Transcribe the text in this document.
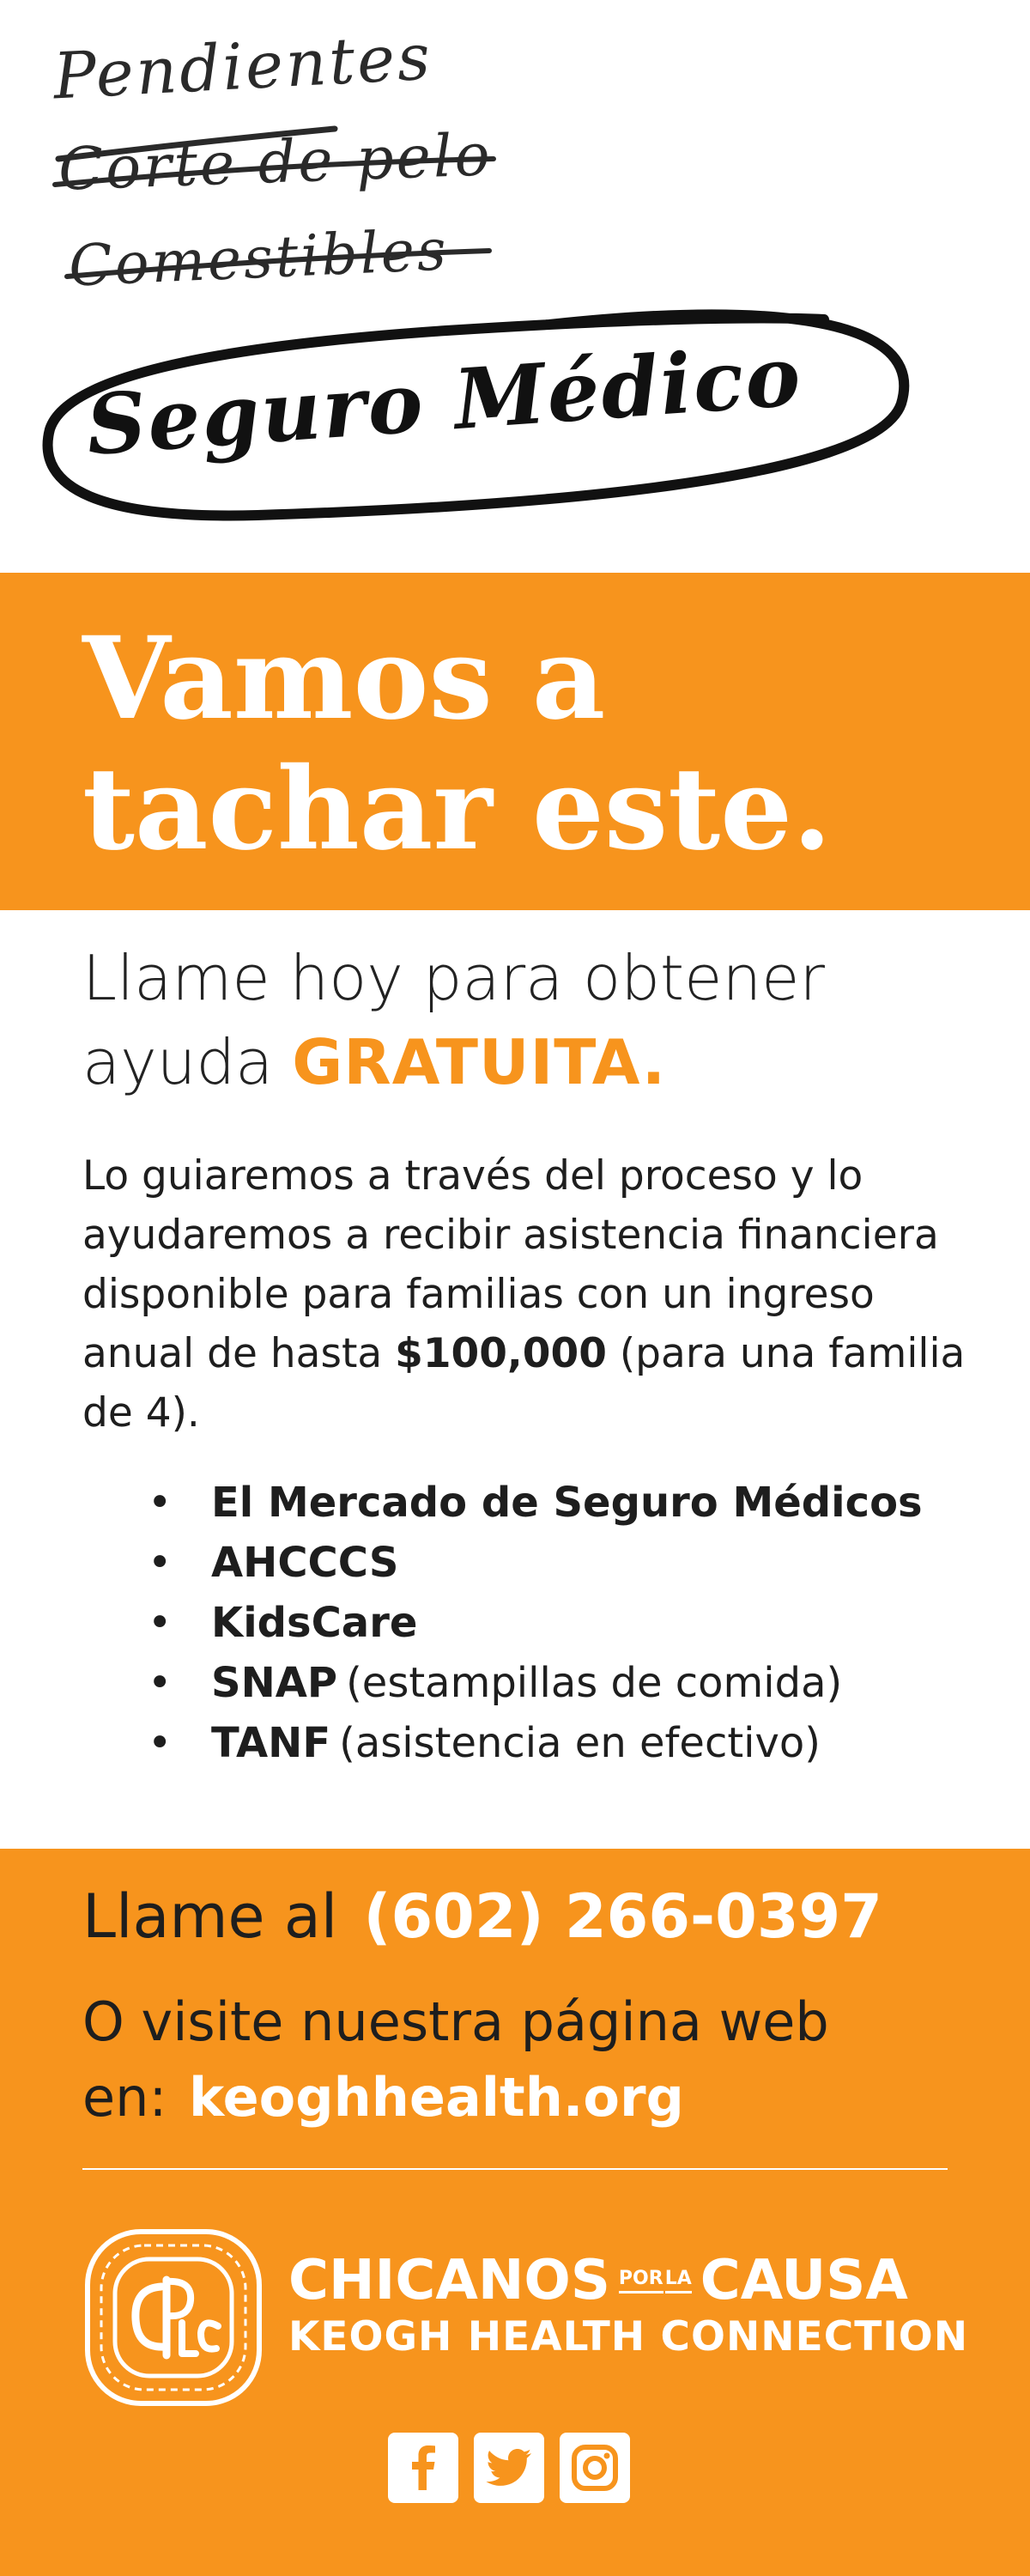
Pendientes
Corte de pelo
Comestibles
Seguro Médico
Vamos a
tachar este.

Llame hoy para obtener
ayuda GRATUITA.

Lo guiaremos a través del proceso y lo ayudaremos a recibir asistencia financiera disponible para familias con un ingreso anual de hasta $100,000 (para una familia de 4).

• El Mercado de Seguro Médicos
• AHCCCS
• KidsCare
• SNAP (estampillas de comida)
• TANF (asistencia en efectivo)

Llame al (602) 266-0397

O visite nuestra página web
en: keoghhealth.org

CHICANOS POR LA CAUSA
KEOGH HEALTH CONNECTION
